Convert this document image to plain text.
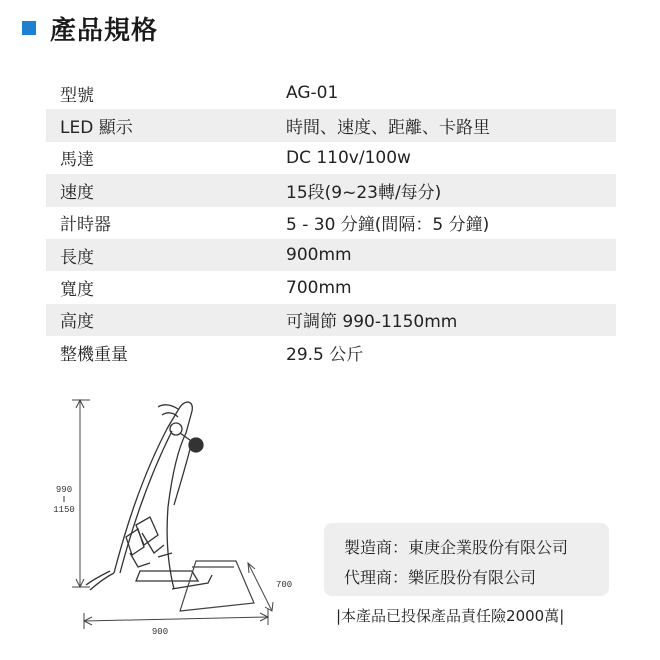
產品規格
型號	AG-01
LED 顯示	時間、速度、距離、卡路里
馬達	DC 110v/100w
速度	15段(9~23轉/每分)
計時器	5 - 30 分鐘(間隔：5 分鐘)
長度	900mm
寬度	700mm
高度	可調節 990-1150mm
整機重量	29.5 公斤
990
1150
700
900
製造商：東庚企業股份有限公司
代理商：樂匠股份有限公司
|本產品已投保產品責任險2000萬|
